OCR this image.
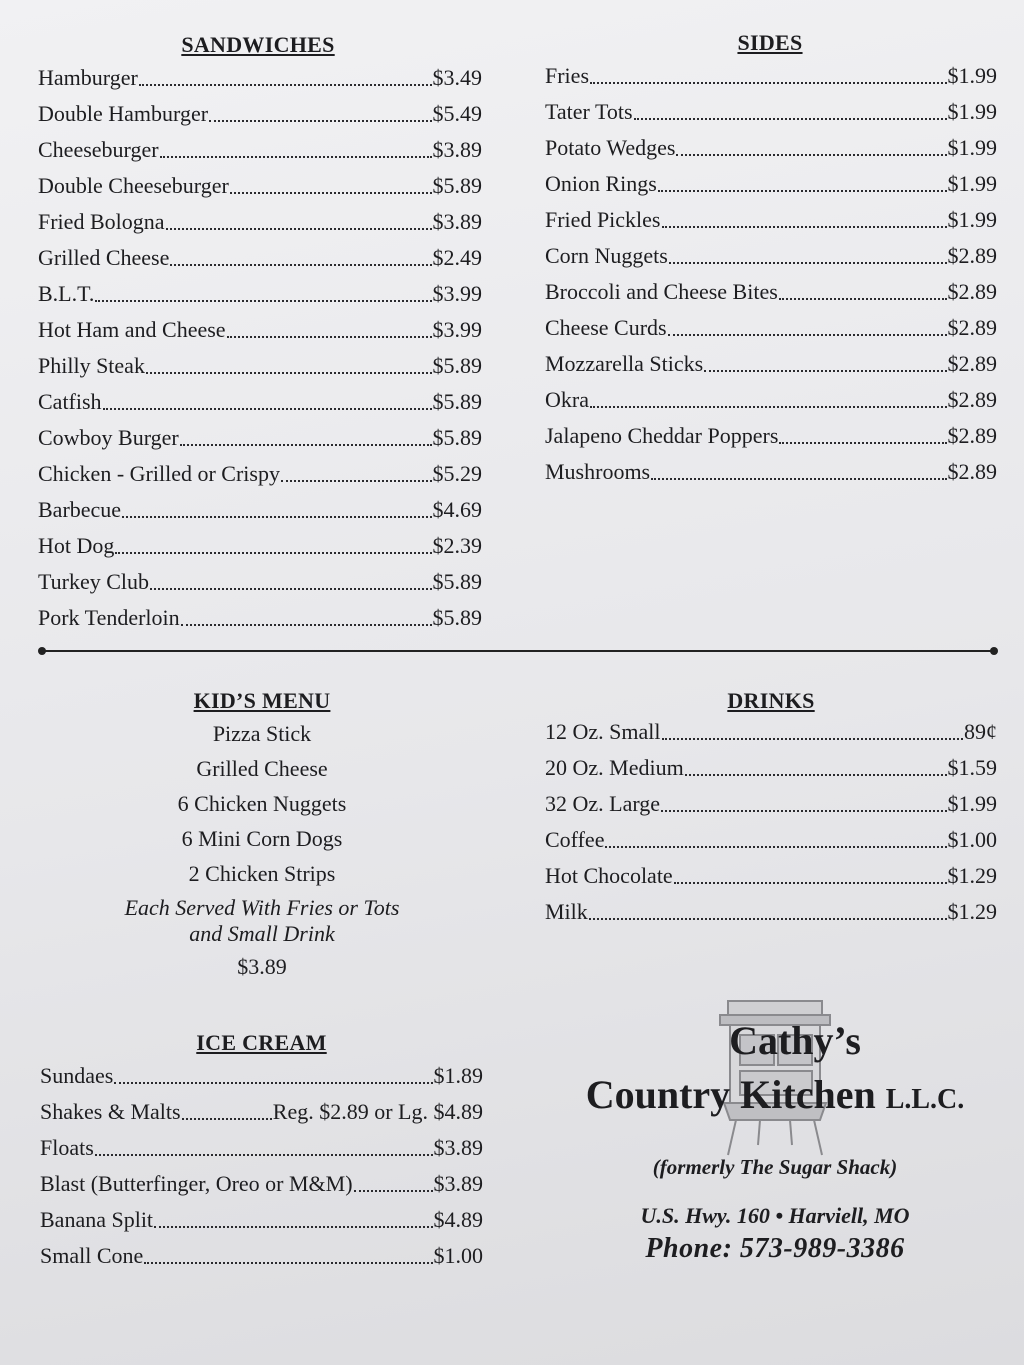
SANDWICHES
Hamburger	$3.49
Double Hamburger	$5.49
Cheeseburger	$3.89
Double Cheeseburger	$5.89
Fried Bologna	$3.89
Grilled Cheese	$2.49
B.L.T.	$3.99
Hot Ham and Cheese	$3.99
Philly Steak	$5.89
Catfish	$5.89
Cowboy Burger	$5.89
Chicken - Grilled or Crispy	$5.29
Barbecue	$4.69
Hot Dog	$2.39
Turkey Club	$5.89
Pork Tenderloin	$5.89
SIDES
Fries	$1.99
Tater Tots	$1.99
Potato Wedges	$1.99
Onion Rings	$1.99
Fried Pickles	$1.99
Corn Nuggets	$2.89
Broccoli and Cheese Bites	$2.89
Cheese Curds	$2.89
Mozzarella Sticks	$2.89
Okra	$2.89
Jalapeno Cheddar Poppers	$2.89
Mushrooms	$2.89
KID’S MENU
Pizza Stick
Grilled Cheese
6 Chicken Nuggets
6 Mini Corn Dogs
2 Chicken Strips
Each Served With Fries or Tots
and Small Drink
$3.89
DRINKS
12 Oz. Small	89¢
20 Oz. Medium	$1.59
32 Oz. Large	$1.99
Coffee	$1.00
Hot Chocolate	$1.29
Milk	$1.29
ICE CREAM
Sundaes	$1.89
Shakes & Malts	Reg. $2.89 or Lg. $4.89
Floats	$3.89
Blast (Butterfinger, Oreo or M&M)	$3.89
Banana Split	$4.89
Small Cone	$1.00
Cathy’s
Country Kitchen L.L.C.
(formerly The Sugar Shack)
U.S. Hwy. 160 • Harviell, MO
Phone: 573-989-3386
